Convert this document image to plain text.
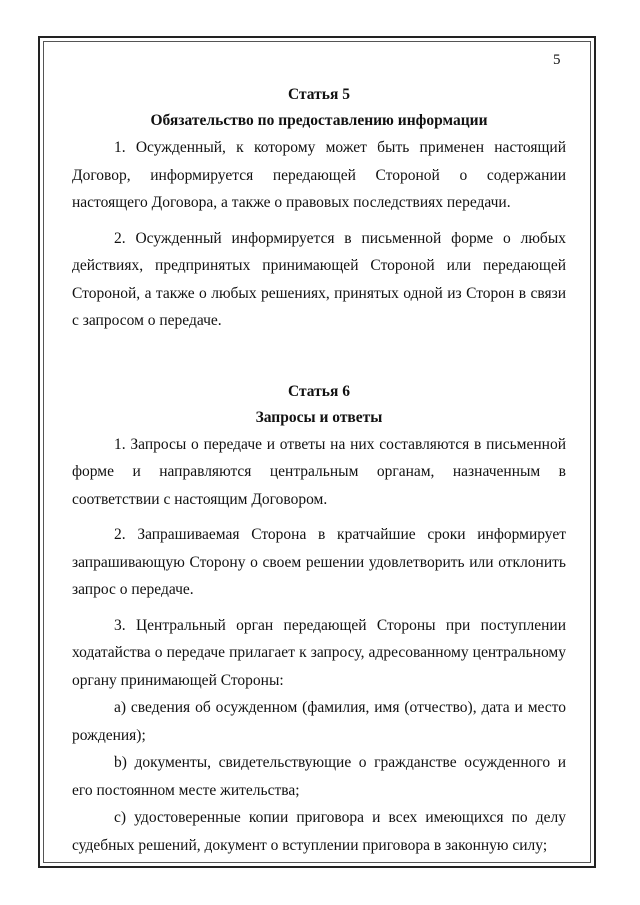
5

Статья 5

Обязательство по предоставлению информации

1. Осужденный, к которому может быть применен настоящий Договор, информируется передающей Стороной о содержании настоящего Договора, а также о правовых последствиях передачи.

2. Осужденный информируется в письменной форме о любых действиях, предпринятых принимающей Стороной или передающей Стороной, а также о любых решениях, принятых одной из Сторон в связи с запросом о передаче.

Статья 6

Запросы и ответы

1. Запросы о передаче и ответы на них составляются в письменной форме и направляются центральным органам, назначенным в соответствии с настоящим Договором.

2. Запрашиваемая Сторона в кратчайшие сроки информирует запрашивающую Сторону о своем решении удовлетворить или отклонить запрос о передаче.

3. Центральный орган передающей Стороны при поступлении ходатайства о передаче прилагает к запросу, адресованному центральному органу принимающей Стороны:

а) сведения об осужденном (фамилия, имя (отчество), дата и место рождения);

b) документы, свидетельствующие о гражданстве осужденного и его постоянном месте жительства;

с) удостоверенные копии приговора и всех имеющихся по делу судебных решений, документ о вступлении приговора в законную силу;
